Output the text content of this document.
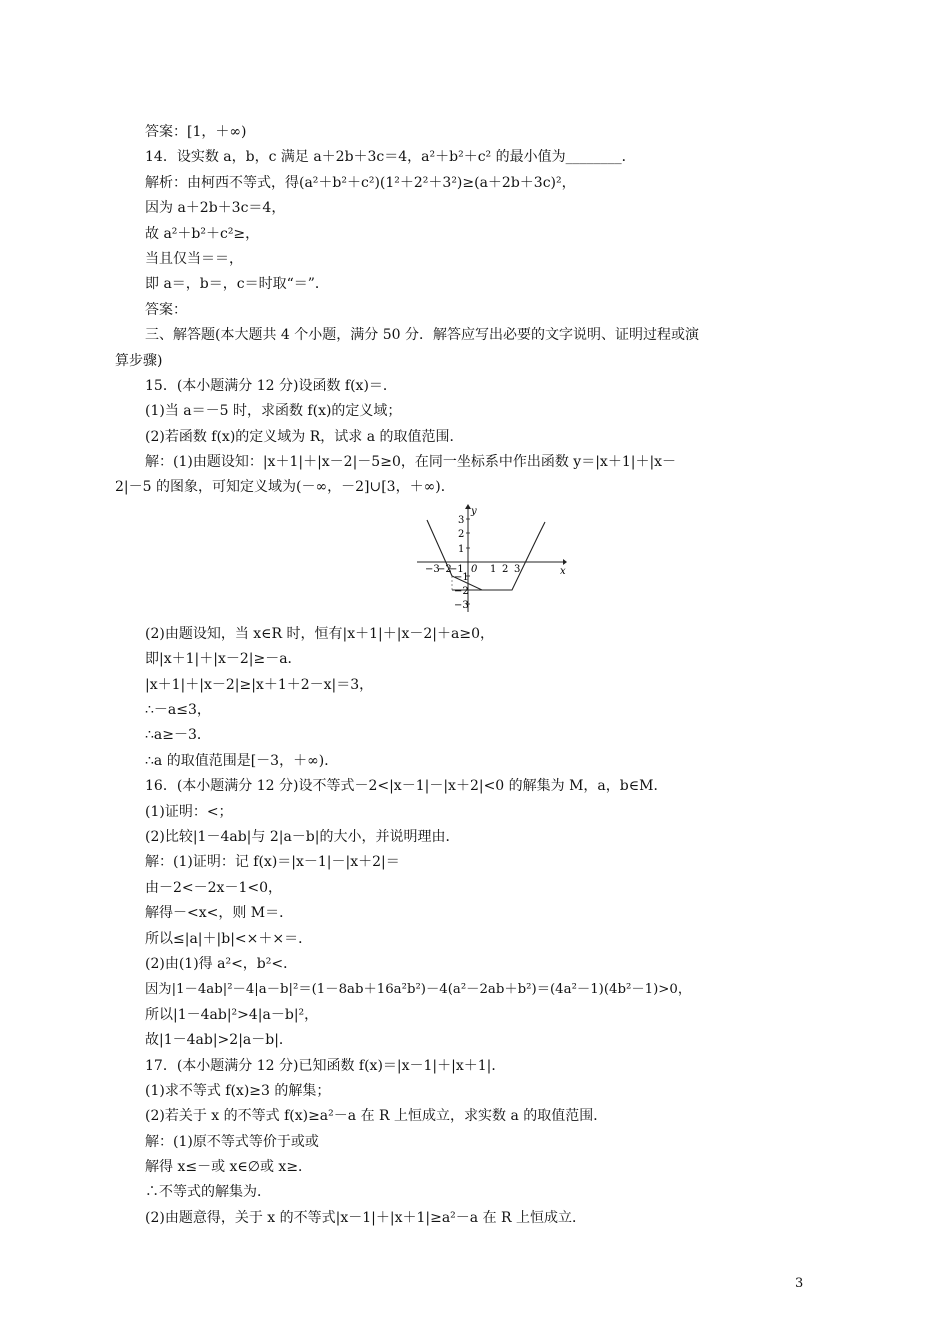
答案：[1，＋∞)
14．设实数 a，b，c 满足 a＋2b＋3c＝4，a²＋b²＋c² 的最小值为________．
解析：由柯西不等式，得(a²＋b²＋c²)(1²＋2²＋3²)≥(a＋2b＋3c)²，
因为 a＋2b＋3c＝4，
故 a²＋b²＋c²≥，
当且仅当＝＝，
即 a＝，b＝，c＝时取“＝”．
答案：
三、解答题(本大题共 4 个小题，满分 50 分．解答应写出必要的文字说明、证明过程或演
算步骤)
15．(本小题满分 12 分)设函数 f(x)＝．
(1)当 a＝－5 时，求函数 f(x)的定义域；
(2)若函数 f(x)的定义域为 R，试求 a 的取值范围．
解：(1)由题设知：|x＋1|＋|x－2|－5≥0，在同一坐标系中作出函数 y＝|x＋1|＋|x－
2|－5 的图象，可知定义域为(－∞，－2]∪[3，＋∞)．
y
x
3
2
1
−1
−2
−3
−3
−2
−1 0 1 2 3
(2)由题设知，当 x∈R 时，恒有|x＋1|＋|x－2|＋a≥0，
即|x＋1|＋|x－2|≥－a．
|x＋1|＋|x－2|≥|x＋1＋2－x|＝3，
∴－a≤3，
∴a≥－3．
∴a 的取值范围是[－3，＋∞)．
16．(本小题满分 12 分)设不等式－2<|x－1|－|x＋2|<0 的解集为 M，a，b∈M．
(1)证明：<；
(2)比较|1－4ab|与 2|a－b|的大小，并说明理由．
解：(1)证明：记 f(x)＝|x－1|－|x＋2|＝
由－2<－2x－1<0，
解得－<x<，则 M＝．
所以≤|a|＋|b|<×＋×＝．
(2)由(1)得 a²<，b²<．
因为|1－4ab|²－4|a－b|²＝(1－8ab＋16a²b²)－4(a²－2ab＋b²)＝(4a²－1)(4b²－1)>0，
所以|1－4ab|²>4|a－b|²，
故|1－4ab|>2|a－b|．
17．(本小题满分 12 分)已知函数 f(x)＝|x－1|＋|x＋1|．
(1)求不等式 f(x)≥3 的解集；
(2)若关于 x 的不等式 f(x)≥a²－a 在 R 上恒成立，求实数 a 的取值范围．
解：(1)原不等式等价于或或
解得 x≤－或 x∈∅或 x≥．
∴不等式的解集为．
(2)由题意得，关于 x 的不等式|x－1|＋|x＋1|≥a²－a 在 R 上恒成立．
3
